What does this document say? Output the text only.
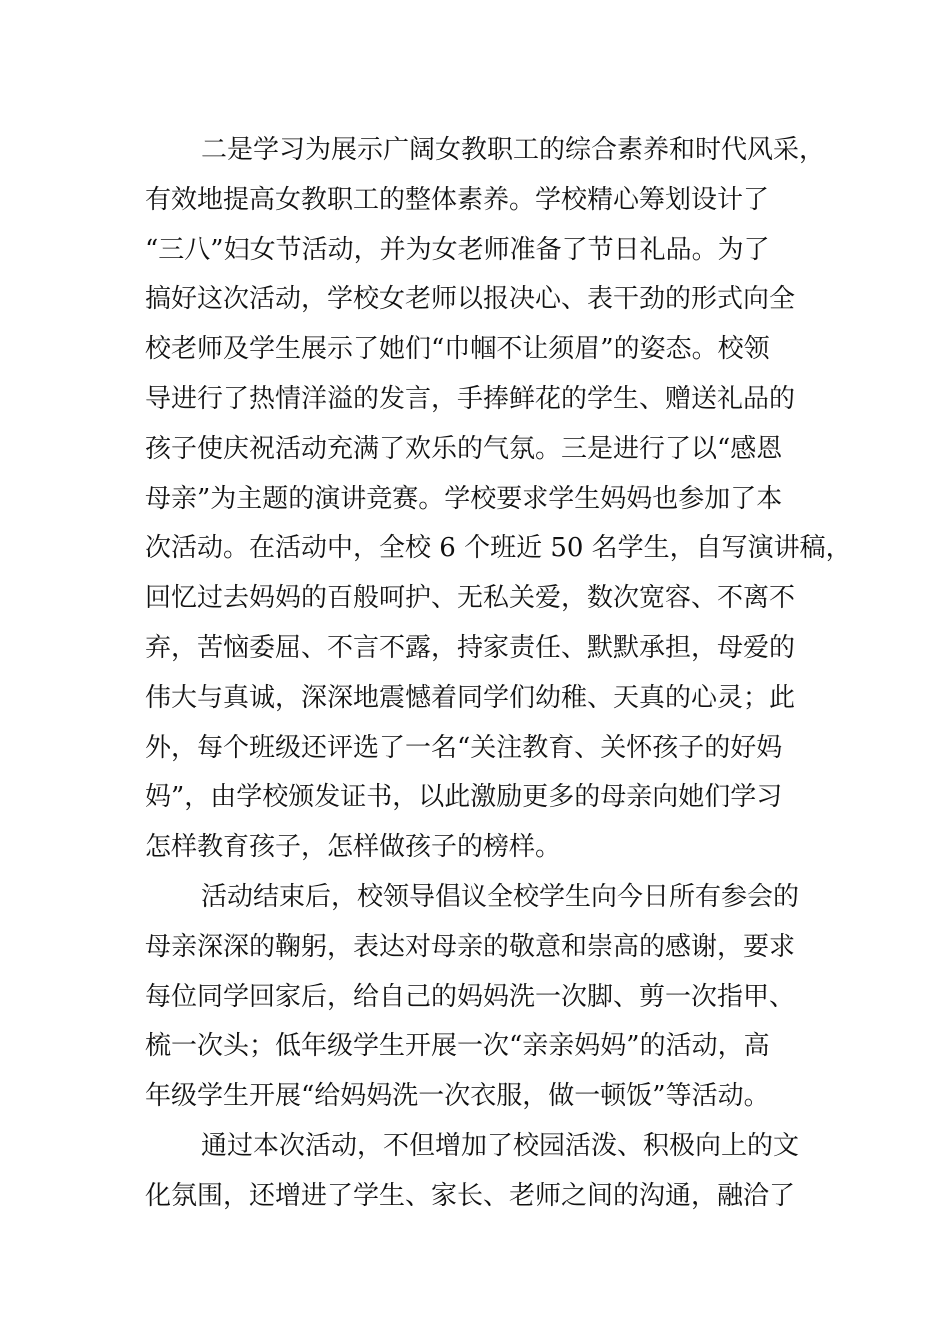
二是学习为展示广阔女教职工的综合素养和时代风采，
有效地提高女教职工的整体素养。学校精心筹划设计了
“三八”妇女节活动，并为女老师准备了节日礼品。为了
搞好这次活动，学校女老师以报决心、表干劲的形式向全
校老师及学生展示了她们“巾帼不让须眉”的姿态。校领
导进行了热情洋溢的发言，手捧鲜花的学生、赠送礼品的
孩子使庆祝活动充满了欢乐的气氛。三是进行了以“感恩
母亲”为主题的演讲竞赛。学校要求学生妈妈也参加了本
次活动。在活动中，全校 6 个班近 50 名学生，自写演讲稿，
回忆过去妈妈的百般呵护、无私关爱，数次宽容、不离不
弃，苦恼委屈、不言不露，持家责任、默默承担，母爱的
伟大与真诚，深深地震憾着同学们幼稚、天真的心灵；此
外，每个班级还评选了一名“关注教育、关怀孩子的好妈
妈”，由学校颁发证书，以此激励更多的母亲向她们学习
怎样教育孩子，怎样做孩子的榜样。
活动结束后，校领导倡议全校学生向今日所有参会的
母亲深深的鞠躬，表达对母亲的敬意和崇高的感谢，要求
每位同学回家后，给自己的妈妈洗一次脚、剪一次指甲、
梳一次头；低年级学生开展一次“亲亲妈妈”的活动，高
年级学生开展“给妈妈洗一次衣服，做一顿饭”等活动。
通过本次活动，不但增加了校园活泼、积极向上的文
化氛围，还增进了学生、家长、老师之间的沟通，融洽了
